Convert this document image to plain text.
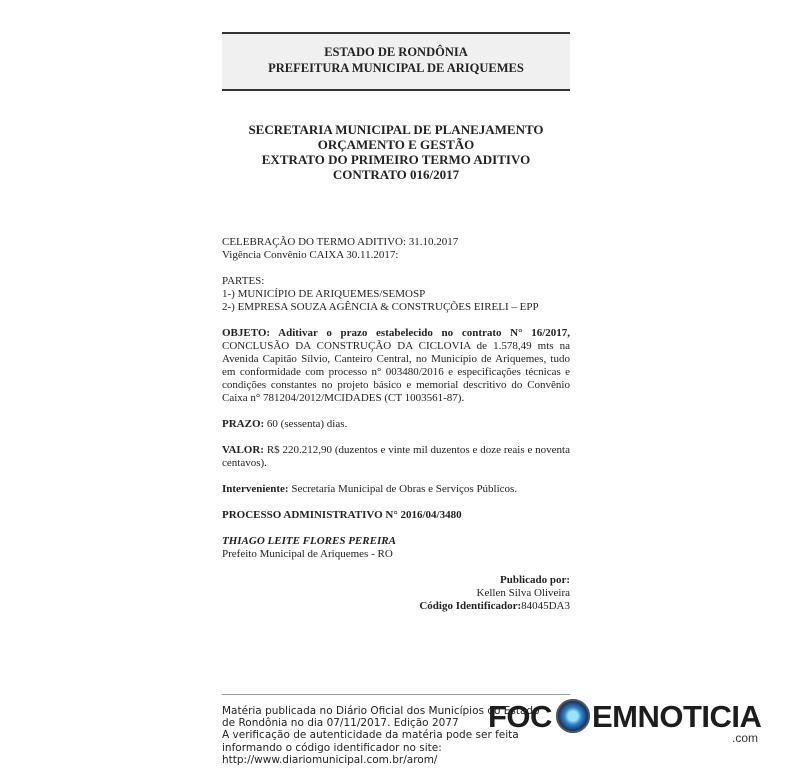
ESTADO DE RONDÔNIA
PREFEITURA MUNICIPAL DE ARIQUEMES
SECRETARIA MUNICIPAL DE PLANEJAMENTO
ORÇAMENTO E GESTÃO
EXTRATO DO PRIMEIRO TERMO ADITIVO
CONTRATO 016/2017

CELEBRAÇÃO DO TERMO ADITIVO: 31.10.2017

Vigência Convênio CAIXA 30.11.2017:

PARTES:

1-) MUNICÍPIO DE ARIQUEMES/SEMOSP

2-) EMPRESA SOUZA AGÊNCIA & CONSTRUÇÕES EIRELI – EPP

OBJETO: Aditivar o prazo estabelecido no contrato N° 16/2017, CONCLUSÃO DA CONSTRUÇÃO DA CICLOVIA de 1.578,49 mts na Avenida Capitão Sílvio, Canteiro Central, no Município de Ariquemes, tudo em conformidade com processo n° 003480/2016 e especificações técnicas e condições constantes no projeto básico e memorial descritivo do Convênio Caixa n° 781204/2012/MCIDADES (CT 1003561-87).

PRAZO: 60 (sessenta) dias.

VALOR: R$ 220.212,90 (duzentos e vinte mil duzentos e doze reais e noventa centavos).

Interveniente: Secretaria Municipal de Obras e Serviços Públicos.

PROCESSO ADMINISTRATIVO N° 2016/04/3480

THIAGO LEITE FLORES PEREIRA

Prefeito Municipal de Ariquemes - RO

Publicado por:

Kellen Silva Oliveira

Código Identificador:84045DA3

Matéria publicada no Diário Oficial dos Municípios do Estado

de Rondônia no dia 07/11/2017. Edição 2077

A verificação de autenticidade da matéria pode ser feita

informando o código identificador no site:

http://www.diariomunicipal.com.br/arom/

FOC EMNOTICIA
.com
